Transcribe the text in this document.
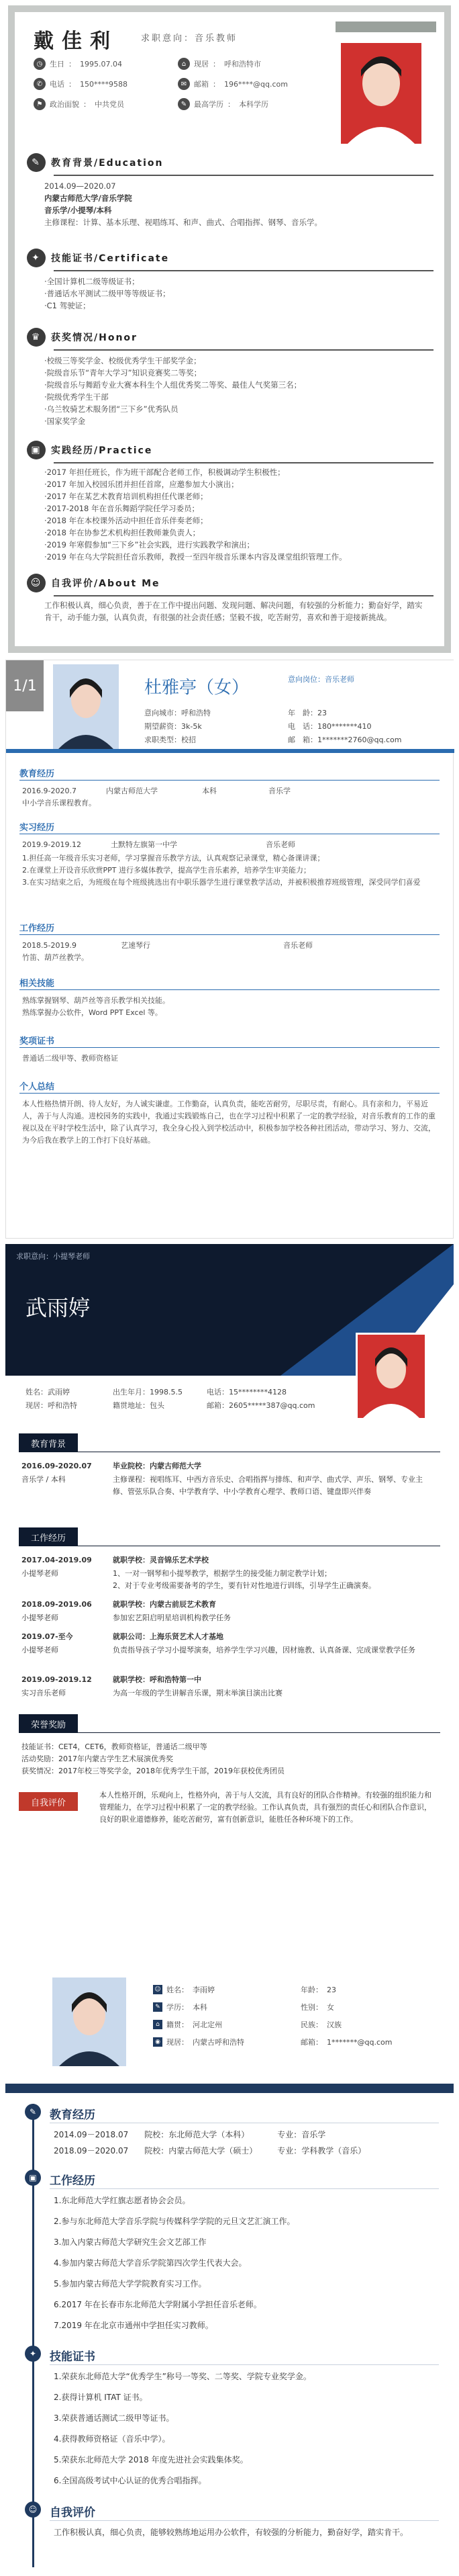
戴佳利	求职意向：音乐教师
◷ 生日 ： 1995.07.04	⌂	现居 ： 呼和浩特市
✆ 电话 ： 150****9588	✉ 邮箱 ： 196****@qq.com
⚑ 政治面貌 ： 中共党员	✎ 最高学历 ： 本科学历
✎	教育背景/Education
2014.09—2020.07
内蒙古师范大学/音乐学院
音乐学/小提琴/本科
主修课程：计算、基本乐理、视唱练耳、和声、曲式、合唱指挥、钢琴、音乐学。
✦	技能证书/Certificate
·全国计算机二级等级证书；
·普通话水平测试二级甲等等级证书；
·C1 驾驶证；
♛	获奖情况/Honor
·校级三等奖学金、校级优秀学生干部奖学金；
·院级音乐节“青年大学习”知识竞赛奖二等奖；
·院级音乐与舞蹈专业大赛本科生个人组优秀奖二等奖、最佳人气奖第三名；
·院级优秀学生干部
·乌兰牧骑艺术服务团“三下乡”优秀队员
·国家奖学金
▣	实践经历/Practice
·2017 年担任班长，作为班干部配合老师工作，积极调动学生积极性；
·2017 年加入校园乐团并担任首席，应邀参加大小演出；
·2017 年在某艺术教育培训机构担任代课老师；
·2017-2018 年在音乐舞蹈学院任学习委员；
·2018 年在本校课外活动中担任音乐伴奏老师；
·2018 年在协参艺术机构担任教师兼负责人；
·2019 年寒假参加“三下乡”社会实践，进行实践教学和演出；
·2019 年在乌大学院担任音乐教师，教授一至四年级音乐课本内容及课堂组织管理工作。
☺ 自我评价/About Me
工作积极认真，细心负责，善于在工作中提出问题、发现问题、解决问题，有较强的分析能力；勤奋好学，踏实肯干，动手能力强，认真负责，有很强的社会责任感；坚毅不拔，吃苦耐劳，喜欢和善于迎接新挑战。
1/1	杜雅亭（女）	意向岗位：音乐老师
意向城市：呼和浩特	年　龄：23
期望薪资：3k-5k	电　话：180*******410
求职类型：校招	邮　箱：1*******2760@qq.com
教育经历
2016.9-2020.7　　　　内蒙古师范大学　　　　　　本科　　　　　　　音乐学
中小学音乐课程教育。
实习经历
2019.9-2019.12　　　　土默特左旗第一中学　　　　　　　　　　　　音乐老师
1.担任高一年级音乐实习老师，学习掌握音乐教学方法，认真观察记录课堂，精心备课讲课；
2.在课堂上开设音乐欣赏PPT 进行多媒体教学，提高学生音乐素养，培养学生审美能力；
3.在实习结束之后，为班级在每个班级挑选出有中职乐器学生进行课堂教学活动，并被积极推荐班级管理，深受同学们喜爱
工作经历
2018.5-2019.9　　　　　　艺速琴行　　　　　　　　　　　　　　　　　　音乐老师
竹笛、葫芦丝教学。
相关技能
熟练掌握钢琴、葫芦丝等音乐教学相关技能。
熟练掌握办公软件，Word PPT Excel 等。
奖项证书
普通话二级甲等、教师资格证
个人总结
本人性格热情开朗、待人友好，为人诚实谦虚。工作勤奋，认真负责，能吃苦耐劳，尽职尽责，有耐心。具有亲和力，平易近人，善于与人沟通。进校园务的实践中，我通过实践锻炼自己，也在学习过程中积累了一定的教学经验，对音乐教育的工作的重视以及在平时学校生活中，除了认真学习，我全身心投入到学校活动中，积极参加学校各种社团活动，带动学习、努力、交流，为今后我在教学上的工作打下良好基础。
求职意向：小提琴老师
武雨婷
姓名：武雨婷	出生年月：1998.5.5	电话：15********4128
现居：呼和浩特	籍贯地址：包头	邮箱：2605*****387@qq.com
教育背景
2016.09-2020.07
音乐学 / 本科
毕业院校：内蒙古师范大学
主修课程：视唱练耳、中西方音乐史、合唱指挥与排练、和声学、曲式学、声乐、钢琴、专业主修、管弦乐队合奏、中学教育学、中小学教育心理学、教师口语、键盘即兴伴奏
工作经历
2017.04-2019.09	就职学校：灵音锦乐艺术学校
小提琴老师	1、一对一钢琴和小提琴教学，根据学生的接受能力制定教学计划；
2、对于专业考级需要备考的学生，要有针对性地进行训练，引导学生正确演奏。
2018.09-2019.06	就职学校：内蒙古前辰艺术教育
小提琴老师	参加宏艺阳启明星培训机构教学任务
2019.07-至今	就职公司：上海乐贤艺术人才基地
小提琴老师	负责指导孩子学习小提琴演奏，培养学生学习兴趣，因材施教、认真备课、完成课堂教学任务
2019.09-2019.12	就职学校：呼和浩特第一中
实习音乐老师	为高一年级的学生讲解音乐课，期末举演目演出比赛
荣誉奖励
技能证书：CET4，CET6，教师资格证，普通话二级甲等
活动奖励：2017年内蒙古学生艺术展演优秀奖
获奖情况：2017年校三等奖学金，2018年优秀学生干部，2019年获校优秀团员
自我评价
本人性格开朗，乐观向上，性格外向，善于与人交流，具有良好的团队合作精神。有较强的组织能力和管理能力，在学习过程中积累了一定的教学经验。工作认真负责，具有强烈的责任心和团队合作意识，良好的职业道德修养，能吃苦耐劳，富有创新意识，能胜任各种环境下的工作。
☺ 姓名： 李雨婷	年龄： 23
✎ 学历： 本科	性别： 女
⌂ 籍贯： 河北定州	民族： 汉族
◉ 现居： 内蒙古呼和浩特	邮箱： 1*******@qq.com
✎	教育经历
2014.09－2018.07　　院校：东北师范大学（本科）　　　　专业：音乐学
2018.09－2020.07　　院校：内蒙古师范大学（硕士）　　　专业：学科教学（音乐）
▣	工作经历
1.东北师范大学红旗志愿者协会会员。
2.参与东北师范大学音乐学院与传媒科学学院的元旦文艺汇演工作。
3.加入内蒙古师范大学研究生会文艺部工作
4.参加内蒙古师范大学音乐学院第四次学生代表大会。
5.参加内蒙古师范大学学院教育实习工作。
6.2017 年在长春市东北师范大学附属小学担任音乐老师。
7.2019 年在北京市通州中学担任实习教师。
✦	技能证书
1.荣获东北师范大学“优秀学生”称号一等奖、二等奖、学院专业奖学金。
2.获得计算机 ITAT 证书。
3.荣获普通话测试二级甲等证书。
4.获得教师资格证（音乐中学）。
5.荣获东北师范大学 2018 年度先进社会实践集体奖。
6.全国高级考试中心认证的优秀合唱指挥。
☺	自我评价
工作积极认真，细心负责，能够较熟练地运用办公软件，有较强的分析能力，勤奋好学，踏实肯干。
